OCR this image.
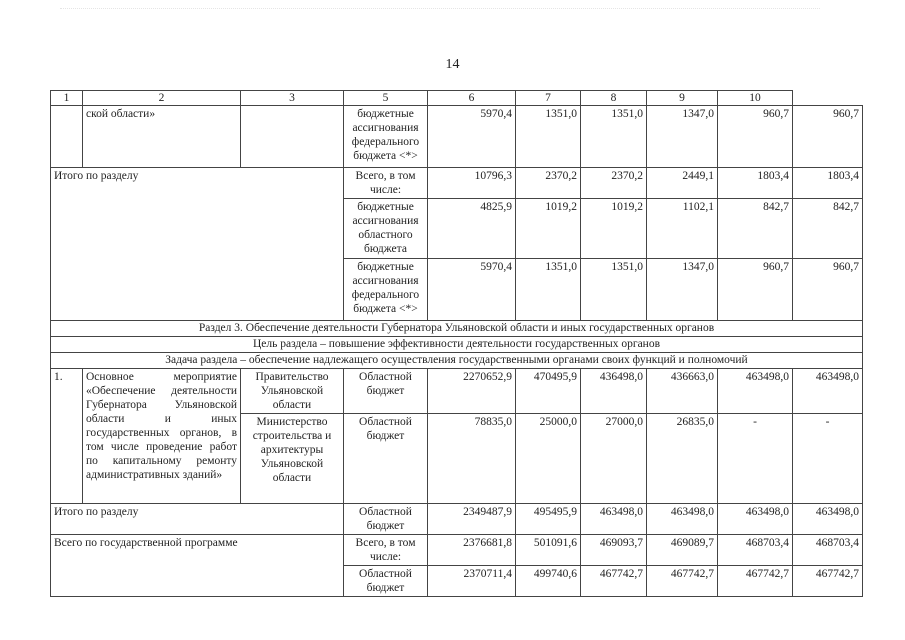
14
1	2	3	5	6	7	8	9	10	
	ской области»		бюджетные ассигнования федерального бюджета <*>	5970,4	1351,0	1351,0	1347,0	960,7	960,7
Итого по разделу			Всего, в том числе:	10796,3	2370,2	2370,2	2449,1	1803,4	1803,4
			бюджетные ассигнования областного бюджета	4825,9	1019,2	1019,2	1102,1	842,7	842,7
			бюджетные ассигнования федерального бюджета <*>	5970,4	1351,0	1351,0	1347,0	960,7	960,7
Раздел 3. Обеспечение деятельности Губернатора Ульяновской области и иных государственных органов									
Цель раздела – повышение эффективности деятельности государственных органов									
Задача раздела – обеспечение надлежащего осуществления государственными органами своих функций и полномочий									
1.	Основное мероприятие «Обеспечение деятельности Губернатора Ульяновской области и иных государственных органов, в том числе проведение работ по капитальному ремонту административных зданий»	Правительство Ульяновской области	Областной бюджет	2270652,9	470495,9	436498,0	436663,0	463498,0	463498,0
		Министерство строительства и архитектуры Ульяновской области	Областной бюджет	78835,0	25000,0	27000,0	26835,0	-	-
Итого по разделу			Областной бюджет	2349487,9	495495,9	463498,0	463498,0	463498,0	463498,0
Всего по государственной программе			Всего, в том числе:	2376681,8	501091,6	469093,7	469089,7	468703,4	468703,4
			Областной бюджет	2370711,4	499740,6	467742,7	467742,7	467742,7	467742,7
